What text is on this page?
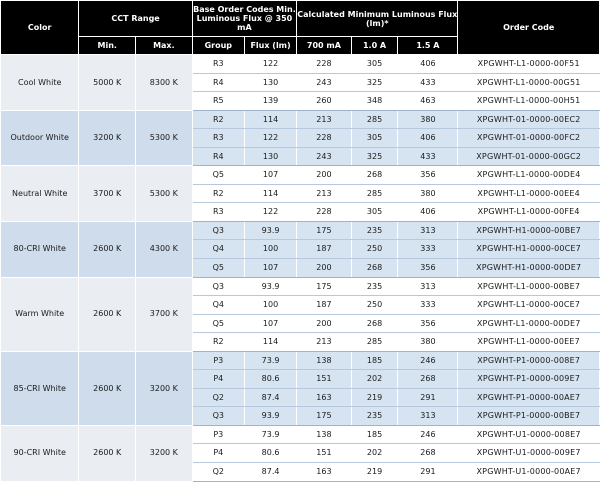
Color	CCT Range		Base Order Codes Min. Luminous Flux @ 350 mA		Calculated Minimum Luminous Flux (lm)*			Order Code
	Min.	Max.	Group	Flux (lm)	700 mA	1.0 A	1.5 A	
Cool White	5000 K	8300 K	R3	122	228	305	406	XPGWHT-L1-0000-00F51
			R4	130	243	325	433	XPGWHT-L1-0000-00G51
			R5	139	260	348	463	XPGWHT-L1-0000-00H51
Outdoor White	3200 K	5300 K	R2	114	213	285	380	XPGWHT-01-0000-00EC2
			R3	122	228	305	406	XPGWHT-01-0000-00FC2
			R4	130	243	325	433	XPGWHT-01-0000-00GC2
Neutral White	3700 K	5300 K	Q5	107	200	268	356	XPGWHT-L1-0000-00DE4
			R2	114	213	285	380	XPGWHT-L1-0000-00EE4
			R3	122	228	305	406	XPGWHT-L1-0000-00FE4
80-CRI White	2600 K	4300 K	Q3	93.9	175	235	313	XPGWHT-H1-0000-00BE7
			Q4	100	187	250	333	XPGWHT-H1-0000-00CE7
			Q5	107	200	268	356	XPGWHT-H1-0000-00DE7
Warm White	2600 K	3700 K	Q3	93.9	175	235	313	XPGWHT-L1-0000-00BE7
			Q4	100	187	250	333	XPGWHT-L1-0000-00CE7
			Q5	107	200	268	356	XPGWHT-L1-0000-00DE7
			R2	114	213	285	380	XPGWHT-L1-0000-00EE7
85-CRI White	2600 K	3200 K	P3	73.9	138	185	246	XPGWHT-P1-0000-008E7
			P4	80.6	151	202	268	XPGWHT-P1-0000-009E7
			Q2	87.4	163	219	291	XPGWHT-P1-0000-00AE7
			Q3	93.9	175	235	313	XPGWHT-P1-0000-00BE7
90-CRI White	2600 K	3200 K	P3	73.9	138	185	246	XPGWHT-U1-0000-008E7
			P4	80.6	151	202	268	XPGWHT-U1-0000-009E7
			Q2	87.4	163	219	291	XPGWHT-U1-0000-00AE7
